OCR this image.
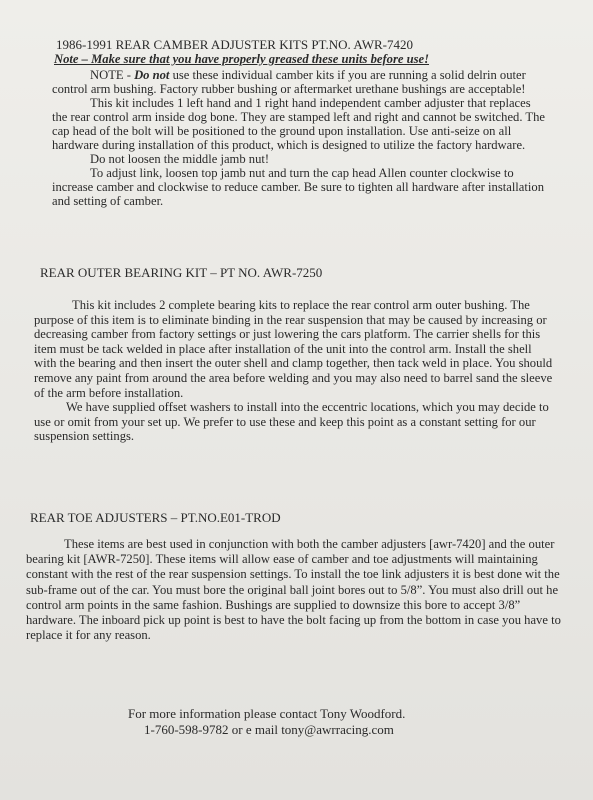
1986-1991 REAR CAMBER ADJUSTER KITS PT.NO. AWR-7420
Note – Make sure that you have properly greased these units before use!

NOTE - Do not use these individual camber kits if you are running a solid delrin outer control arm bushing. Factory rubber bushing or aftermarket urethane bushings are acceptable!

This kit includes 1 left hand and 1 right hand independent camber adjuster that replaces the rear control arm inside dog bone. They are stamped left and right and cannot be switched. The cap head of the bolt will be positioned to the ground upon installation. Use anti-seize on all hardware during installation of this product, which is designed to utilize the factory hardware.

Do not loosen the middle jamb nut!

To adjust link, loosen top jamb nut and turn the cap head Allen counter clockwise to increase camber and clockwise to reduce camber. Be sure to tighten all hardware after installation and setting of camber.

REAR OUTER BEARING KIT – PT NO. AWR-7250

This kit includes 2 complete bearing kits to replace the rear control arm outer bushing. The purpose of this item is to eliminate binding in the rear suspension that may be caused by increasing or decreasing camber from factory settings or just lowering the cars platform. The carrier shells for this item must be tack welded in place after installation of the unit into the control arm. Install the shell with the bearing and then insert the outer shell and clamp together, then tack weld in place. You should remove any paint from around the area before welding and you may also need to barrel sand the sleeve of the arm before installation.

We have supplied offset washers to install into the eccentric locations, which you may decide to use or omit from your set up. We prefer to use these and keep this point as a constant setting for our suspension settings.

REAR TOE ADJUSTERS – PT.NO.E01-TROD

These items are best used in conjunction with both the camber adjusters [awr-7420] and the outer bearing kit [AWR-7250]. These items will allow ease of camber and toe adjustments will maintaining constant with the rest of the rear suspension settings. To install the toe link adjusters it is best done wit the sub-frame out of the car. You must bore the original ball joint bores out to 5/8”. You must also drill out he control arm points in the same fashion. Bushings are supplied to downsize this bore to accept 3/8” hardware. The inboard pick up point is best to have the bolt facing up from the bottom in case you have to replace it for any reason.

For more information please contact Tony Woodford.

1-760-598-9782 or e mail tony@awrracing.com
